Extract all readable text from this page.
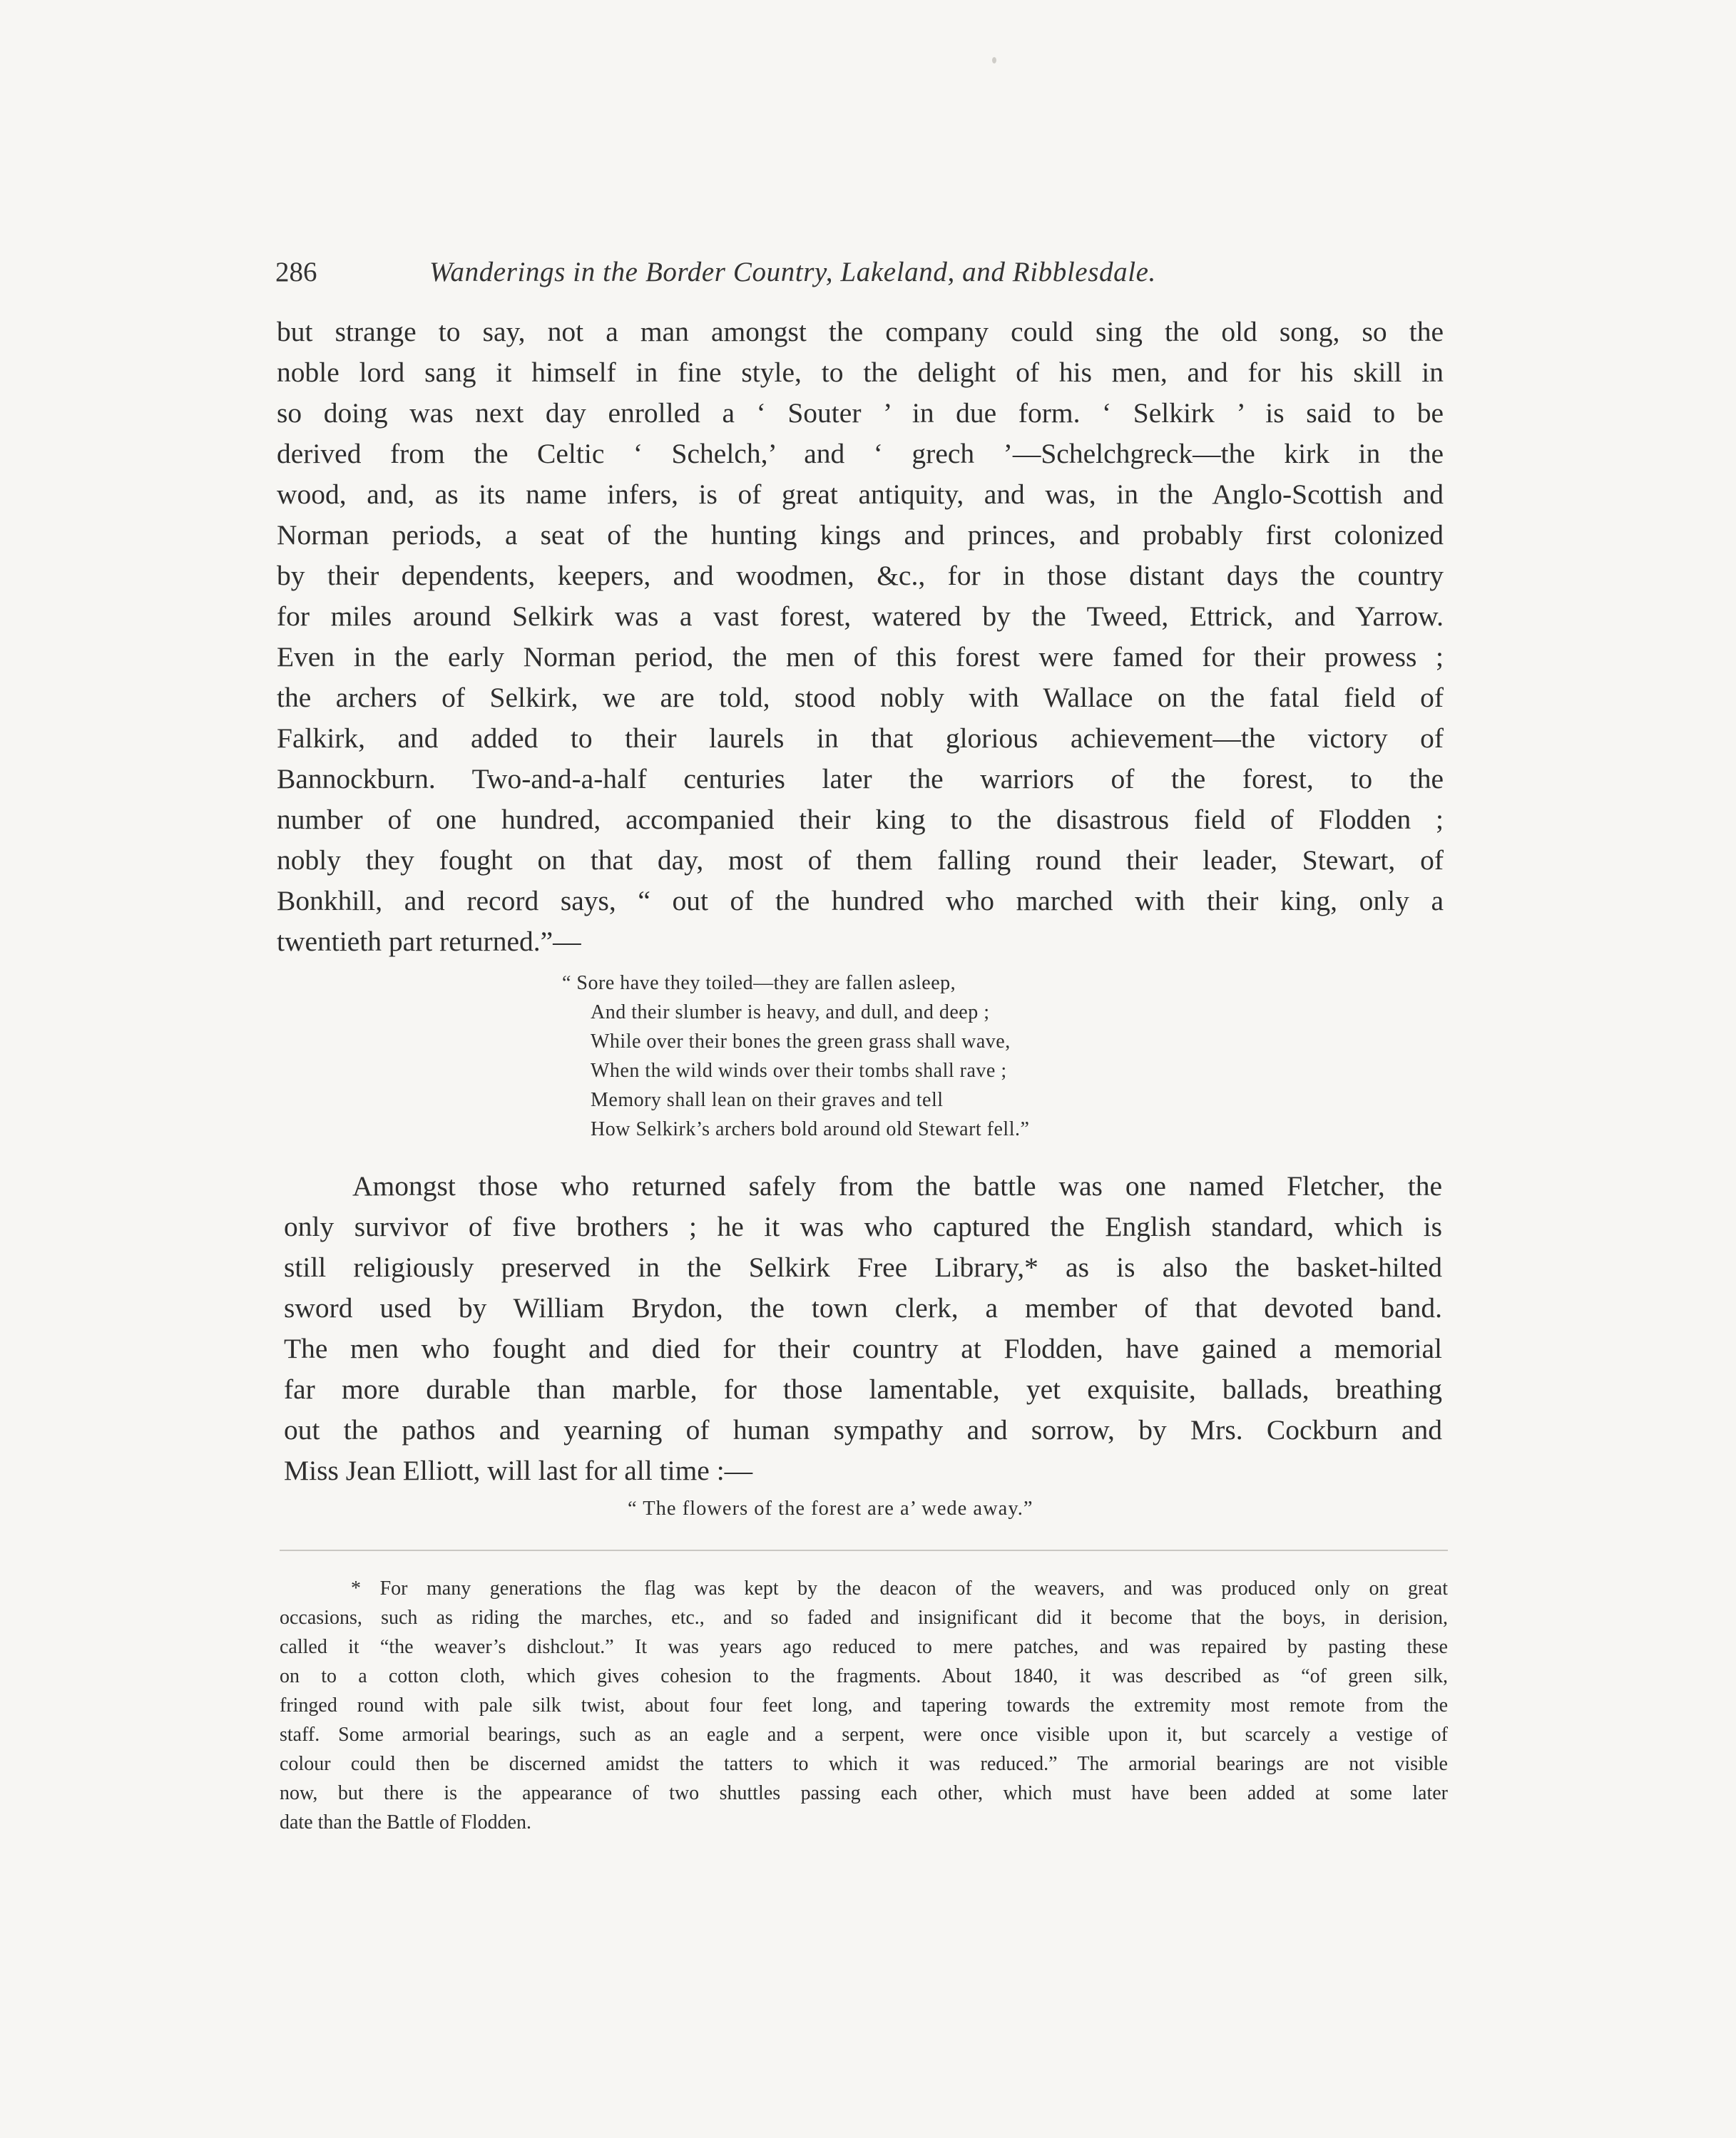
286	Wanderings in the Border Country, Lakeland, and Ribblesdale.
but strange to say, not a man amongst the company could sing the old song, so the
noble lord sang it himself in fine style, to the delight of his men, and for his skill in
so doing was next day enrolled a ‘ Souter ’ in due form. ‘ Selkirk ’ is said to be
derived from the Celtic ‘ Schelch,’ and ‘ grech ’—Schelchgreck—the kirk in the
wood, and, as its name infers, is of great antiquity, and was, in the Anglo-Scottish and
Norman periods, a seat of the hunting kings and princes, and probably first colonized
by their dependents, keepers, and woodmen, &c., for in those distant days the country
for miles around Selkirk was a vast forest, watered by the Tweed, Ettrick, and Yarrow.
Even in the early Norman period, the men of this forest were famed for their prowess ;
the archers of Selkirk, we are told, stood nobly with Wallace on the fatal field of
Falkirk, and added to their laurels in that glorious achievement—the victory of
Bannockburn. Two-and-a-half centuries later the warriors of the forest, to the
number of one hundred, accompanied their king to the disastrous field of Flodden ;
nobly they fought on that day, most of them falling round their leader, Stewart, of
Bonkhill, and record says, “ out of the hundred who marched with their king, only a
twentieth part returned.”—
“ Sore have they toiled—they are fallen asleep,
And their slumber is heavy, and dull, and deep ;
While over their bones the green grass shall wave,
When the wild winds over their tombs shall rave ;
Memory shall lean on their graves and tell
How Selkirk’s archers bold around old Stewart fell.”
Amongst those who returned safely from the battle was one named Fletcher, the
only survivor of five brothers ; he it was who captured the English standard, which is
still religiously preserved in the Selkirk Free Library,* as is also the basket-hilted
sword used by William Brydon, the town clerk, a member of that devoted band.
The men who fought and died for their country at Flodden, have gained a memorial
far more durable than marble, for those lamentable, yet exquisite, ballads, breathing
out the pathos and yearning of human sympathy and sorrow, by Mrs. Cockburn and
Miss Jean Elliott, will last for all time :—
“ The flowers of the forest are a’ wede away.”
* For many generations the flag was kept by the deacon of the weavers, and was produced only on great
occasions, such as riding the marches, etc., and so faded and insignificant did it become that the boys, in derision,
called it “the weaver’s dishclout.” It was years ago reduced to mere patches, and was repaired by pasting these
on to a cotton cloth, which gives cohesion to the fragments. About 1840, it was described as “of green silk,
fringed round with pale silk twist, about four feet long, and tapering towards the extremity most remote from the
staff. Some armorial bearings, such as an eagle and a serpent, were once visible upon it, but scarcely a vestige of
colour could then be discerned amidst the tatters to which it was reduced.” The armorial bearings are not visible
now, but there is the appearance of two shuttles passing each other, which must have been added at some later
date than the Battle of Flodden.
